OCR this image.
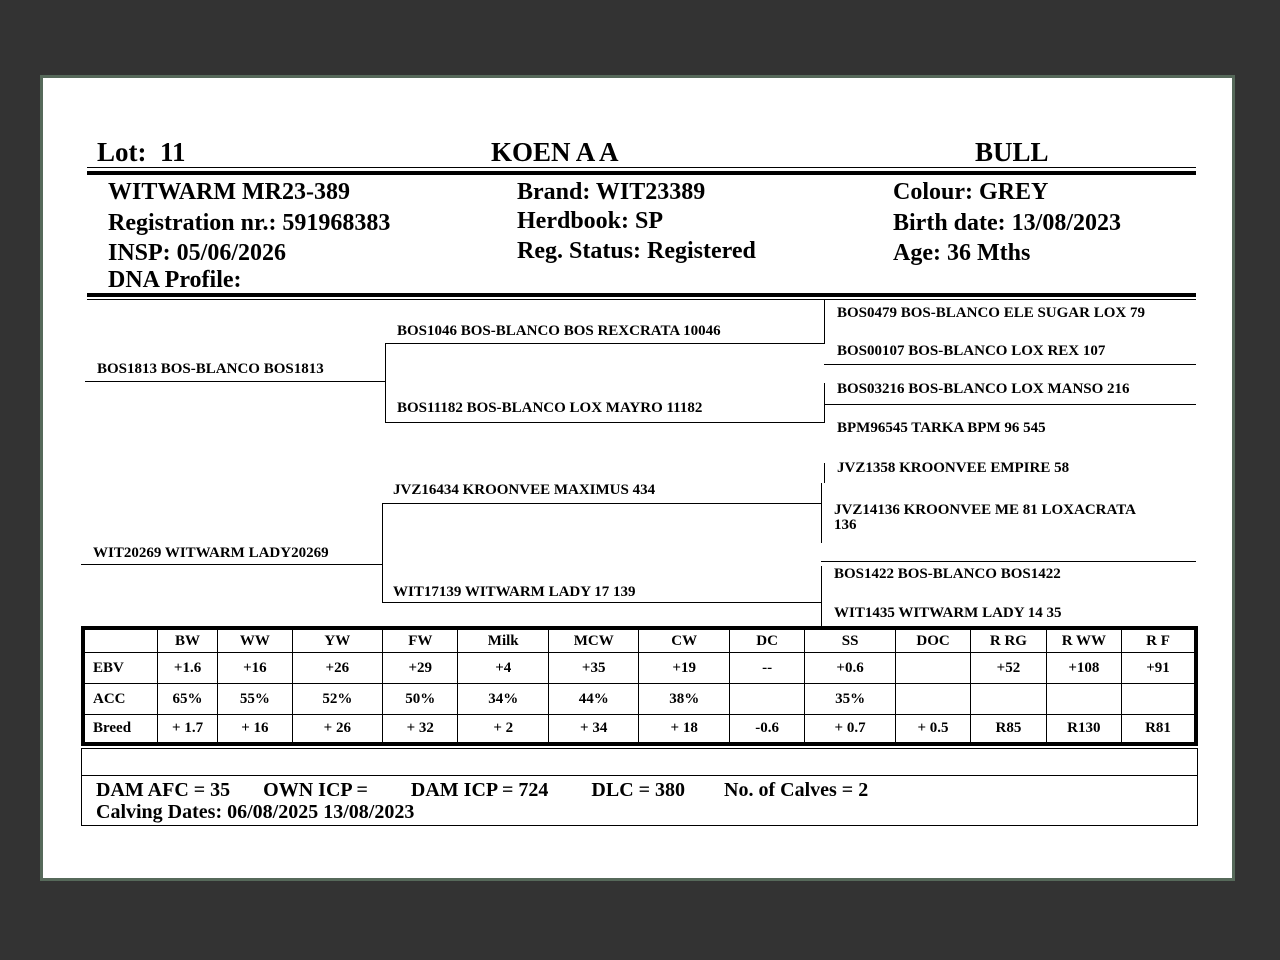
Lot: 11	KOEN A A	BULL
WITWARM MR23-389
Registration nr.: 591968383
INSP: 05/06/2026
DNA Profile:
Brand: WIT23389
Herdbook: SP
Reg. Status: Registered
Colour: GREY
Birth date: 13/08/2023
Age: 36 Mths
BOS1813 BOS-BLANCO BOS1813
BOS1046 BOS-BLANCO BOS REXCRATA 10046
BOS0479 BOS-BLANCO ELE SUGAR LOX 79
BOS00107 BOS-BLANCO LOX REX 107
BOS11182 BOS-BLANCO LOX MAYRO 11182
BOS03216 BOS-BLANCO LOX MANSO 216
BPM96545 TARKA BPM 96 545
JVZ1358 KROONVEE EMPIRE 58
JVZ16434 KROONVEE MAXIMUS 434
JVZ14136 KROONVEE ME 81 LOXACRATA
136
WIT20269 WITWARM LADY20269
BOS1422 BOS-BLANCO BOS1422
WIT17139 WITWARM LADY 17 139
WIT1435 WITWARM LADY 14 35
	BW	WW	YW	FW	Milk	MCW	CW	DC	SS	DOC	R RG	R WW	R F
EBV	+1.6	+16	+26	+29	+4	+35	+19	--	+0.6		+52	+108	+91
ACC	65%	55%	52%	50%	34%	44%	38%		35%				
Breed	+ 1.7	+ 16	+ 26	+ 32	+ 2	+ 34	+ 18	-0.6	+ 0.7	+ 0.5	R85	R130	R81
DAM AFC = 35 OWN ICP = DAM ICP = 724 DLC = 380 No. of Calves = 2
Calving Dates: 06/08/2025 13/08/2023
